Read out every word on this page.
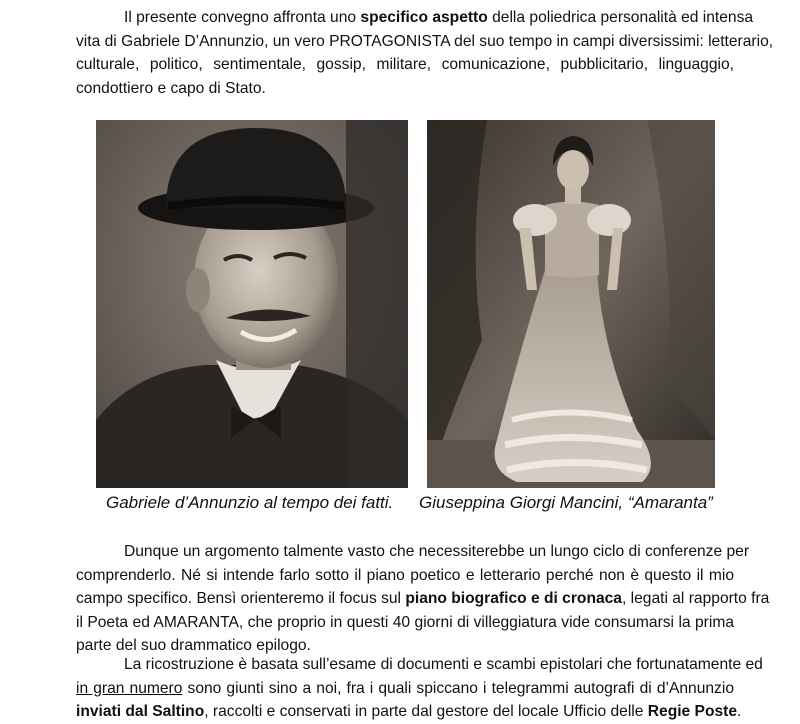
Il presente convegno affronta uno specifico aspetto della poliedrica personalità ed intensa
vita di Gabriele D’Annunzio, un vero PROTAGONISTA del suo tempo in campi diversissimi: letterario,
culturale, politico, sentimentale, gossip, militare, comunicazione, pubblicitario, linguaggio,
condottiero e capo di Stato.
Gabriele d’Annunzio al tempo dei fatti. Giuseppina Giorgi Mancini, “Amaranta”
Dunque un argomento talmente vasto che necessiterebbe un lungo ciclo di conferenze per
comprenderlo. Né si intende farlo sotto il piano poetico e letterario perché non è questo il mio
campo specifico. Bensì orienteremo il focus sul piano biografico e di cronaca, legati al rapporto fra
il Poeta ed AMARANTA, che proprio in questi 40 giorni di villeggiatura vide consumarsi la prima
parte del suo drammatico epilogo.
La ricostruzione è basata sull’esame di documenti e scambi epistolari che fortunatamente ed
in gran numero sono giunti sino a noi, fra i quali spiccano i telegrammi autografi di d’Annunzio
inviati dal Saltino, raccolti e conservati in parte dal gestore del locale Ufficio delle Regie Poste.
